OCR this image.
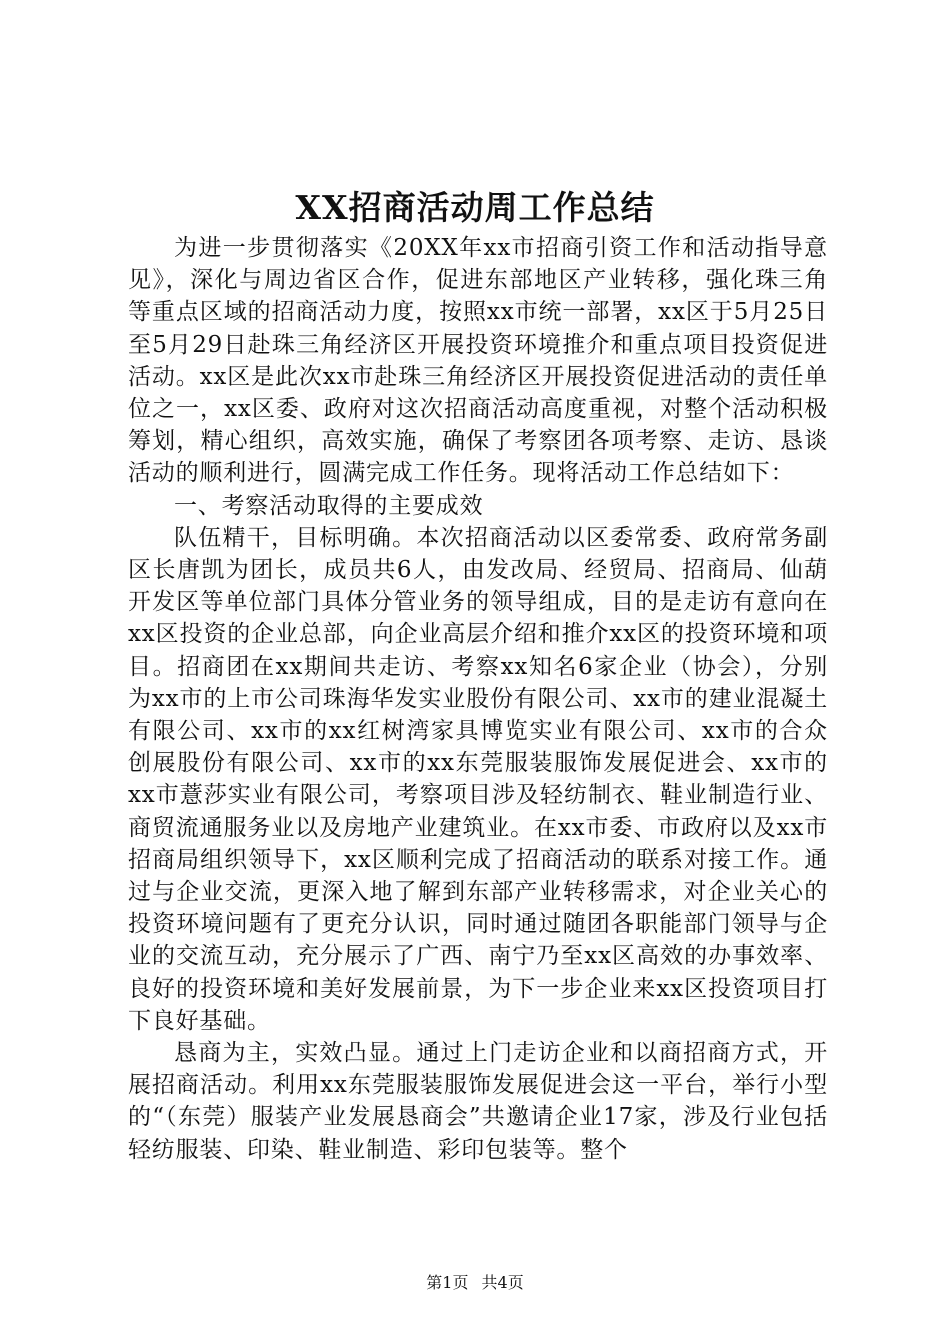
XX招商活动周工作总结

为进一步贯彻落实《20XX年xx市招商引资工作和活动指导意见》，深化与周边省区合作，促进东部地区产业转移，强化珠三角等重点区域的招商活动力度，按照xx市统一部署，xx区于5月25日至5月29日赴珠三角经济区开展投资环境推介和重点项目投资促进活动。xx区是此次xx市赴珠三角经济区开展投资促进活动的责任单位之一，xx区委、政府对这次招商活动高度重视，对整个活动积极筹划，精心组织，高效实施，确保了考察团各项考察、走访、恳谈活动的顺利进行，圆满完成工作任务。现将活动工作总结如下：

一、考察活动取得的主要成效

队伍精干，目标明确。本次招商活动以区委常委、政府常务副区长唐凯为团长，成员共6人，由发改局、经贸局、招商局、仙葫开发区等单位部门具体分管业务的领导组成，目的是走访有意向在xx区投资的企业总部，向企业高层介绍和推介xx区的投资环境和项目。招商团在xx期间共走访、考察xx知名6家企业（协会），分别为xx市的上市公司珠海华发实业股份有限公司、xx市的建业混凝土有限公司、xx市的xx红树湾家具博览实业有限公司、xx市的合众创展股份有限公司、xx市的xx东莞服装服饰发展促进会、xx市的xx市薏莎实业有限公司，考察项目涉及轻纺制衣、鞋业制造行业、商贸流通服务业以及房地产业建筑业。在xx市委、市政府以及xx市招商局组织领导下，xx区顺利完成了招商活动的联系对接工作。通过与企业交流，更深入地了解到东部产业转移需求，对企业关心的投资环境问题有了更充分认识，同时通过随团各职能部门领导与企业的交流互动，充分展示了广西、南宁乃至xx区高效的办事效率、良好的投资环境和美好发展前景，为下一步企业来xx区投资项目打下良好基础。

恳商为主，实效凸显。通过上门走访企业和以商招商方式，开展招商活动。利用xx东莞服装服饰发展促进会这一平台，举行小型的“（东莞）服装产业发展恳商会”共邀请企业17家，涉及行业包括轻纺服装、印染、鞋业制造、彩印包装等。整个

第1页 共4页
